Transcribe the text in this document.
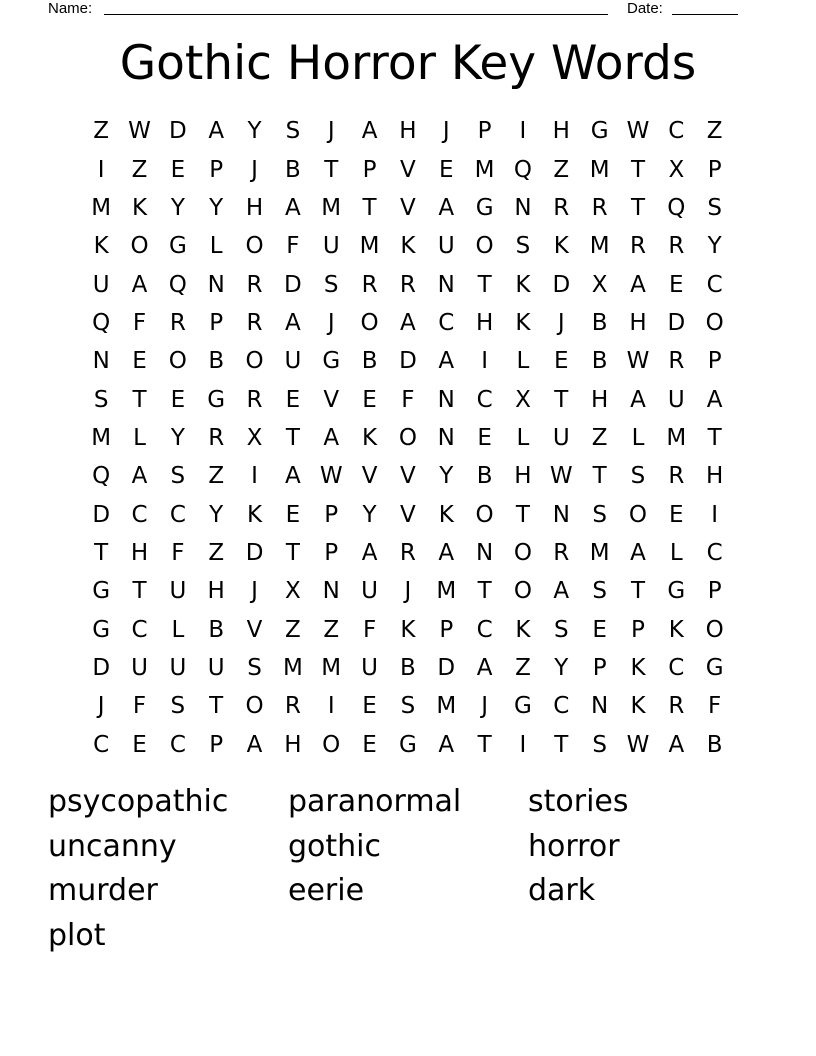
Name:	Date:
Gothic Horror Key Words
Z W D A	Y	S	J	A H	J	P	I	H G W C Z
I	Z	E	P	J	B	T	P	V	E M Q Z M T	X	P
M K	Y	Y H A M T	V A G N R R	T Q S
K O G	L O F	U M K U O S	K M R R	Y
U A Q N R D S	R R N T	K D X A	E	C
Q F	R	P	R A	J	O A C H K	J	B H D O
N E O B O U G B D A	I	L	E	B W R	P
S	T	E G R	E	V	E	F	N C X	T H A U A
M L	Y	R X	T	A K O N E	L	U Z	L M T
Q A	S	Z	I	A W V V	Y	B H W T	S	R H
D C C	Y	K	E	P	Y	V K O T N S O E	I
T H	F	Z D T	P	A R A N O R M A	L	C
G T U H	J	X N U	J	M T O A	S	T G P
G C	L	B V Z Z	F	K	P	C K	S	E	P	K O
D U U U S M M U B D A Z	Y	P	K C G
J	F	S	T O R	I	E	S M	J	G C N K R	F
C	E	C	P	A H O E G A	T	I	T	S W A B
psycopathic	paranormal	stories
uncanny	gothic	horror
murder	eerie	dark
plot
